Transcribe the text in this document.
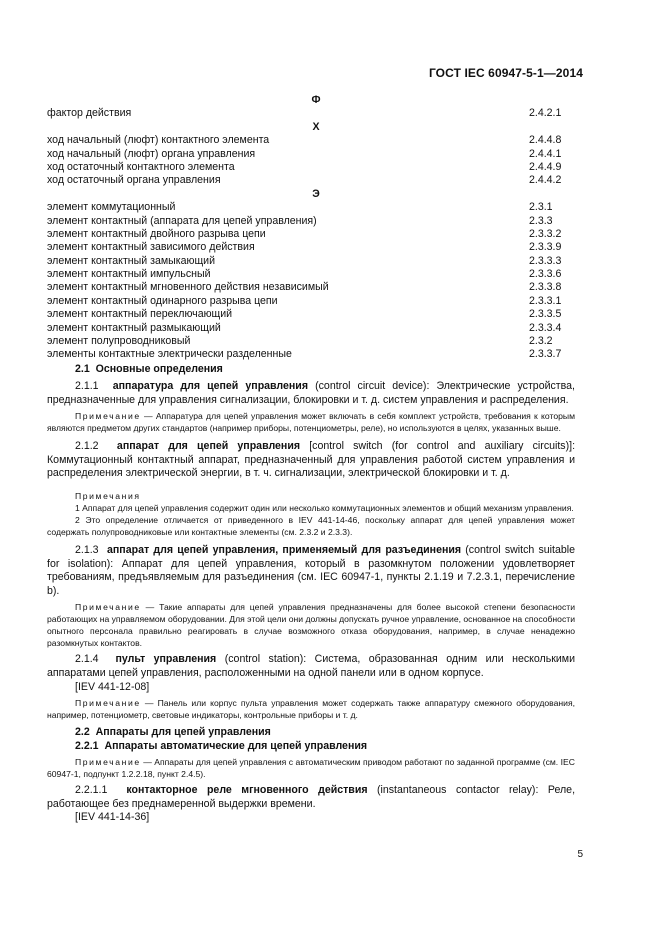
ГОСТ IEC 60947-5-1—2014
Ф
фактор действия	2.4.2.1
Х
ход начальный (люфт) контактного элемента	2.4.4.8
ход начальный (люфт) органа управления	2.4.4.1
ход остаточный контактного элемента	2.4.4.9
ход остаточный органа управления	2.4.4.2
Э
элемент коммутационный	2.3.1
элемент контактный (аппарата для цепей управления)	2.3.3
элемент контактный двойного разрыва цепи	2.3.3.2
элемент контактный зависимого действия	2.3.3.9
элемент контактный замыкающий	2.3.3.3
элемент контактный импульсный	2.3.3.6
элемент контактный мгновенного действия независимый	2.3.3.8
элемент контактный одинарного разрыва цепи	2.3.3.1
элемент контактный переключающий	2.3.3.5
элемент контактный размыкающий	2.3.3.4
элемент полупроводниковый	2.3.2
элементы контактные электрически разделенные	2.3.3.7
2.1 Основные определения
2.1.1 аппаратура для цепей управления (control circuit device): Электрические устройства, предназначенные для управления сигнализации, блокировки и т. д. систем управления и распределения.
Примечание — Аппаратура для цепей управления может включать в себя комплект устройств, требования к которым являются предметом других стандартов (например приборы, потенциометры, реле), но используются в целях, указанных выше.
2.1.2 аппарат для цепей управления [control switch (for control and auxiliary circuits)]: Коммутационный контактный аппарат, предназначенный для управления работой систем управления и распределения электрической энергии, в т. ч. сигнализации, электрической блокировки и т. д.
Примечания
1 Аппарат для цепей управления содержит один или несколько коммутационных элементов и общий механизм управления.
2 Это определение отличается от приведенного в IEV 441-14-46, поскольку аппарат для цепей управления может содержать полупроводниковые или контактные элементы (см. 2.3.2 и 2.3.3).
2.1.3 аппарат для цепей управления, применяемый для разъединения (control switch suitable for isolation): Аппарат для цепей управления, который в разомкнутом положении удовлетворяет требованиям, предъявляемым для разъединения (см. IEC 60947-1, пункты 2.1.19 и 7.2.3.1, перечисление b).
Примечание — Такие аппараты для цепей управления предназначены для более высокой степени безопасности работающих на управляемом оборудовании. Для этой цели они должны допускать ручное управление, основанное на способности опытного персонала правильно реагировать в случае возможного отказа оборудования, например, в случае ненадежно разомкнутых контактов.
2.1.4 пульт управления (control station): Система, образованная одним или несколькими аппаратами цепей управления, расположенными на одной панели или в одном корпусе.
[IEV 441-12-08]
Примечание — Панель или корпус пульта управления может содержать также аппаратуру смежного оборудования, например, потенциометр, световые индикаторы, контрольные приборы и т. д.
2.2 Аппараты для цепей управления
2.2.1 Аппараты автоматические для цепей управления
Примечание — Аппараты для цепей управления с автоматическим приводом работают по заданной программе (см. IEC 60947-1, подпункт 1.2.2.18, пункт 2.4.5).
2.2.1.1 контакторное реле мгновенного действия (instantaneous contactor relay): Реле, работающее без преднамеренной выдержки времени.
[IEV 441-14-36]
5
